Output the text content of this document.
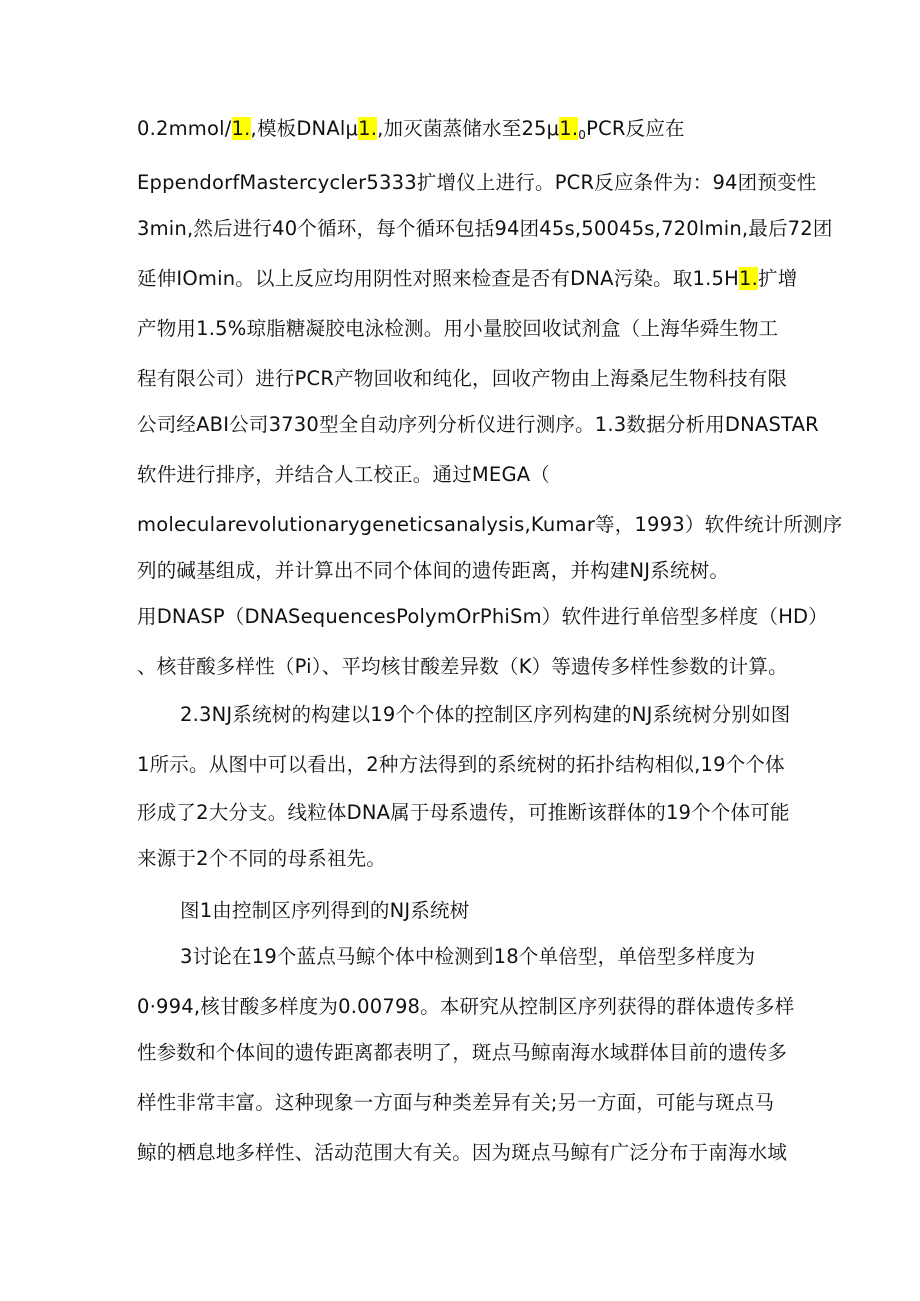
0.2mmol/1.,模板DNAlμ1.,加灭菌蒸储水至$25\mu 1._0PCR$反应在
EppendorfMastercycler5333扩增仪上进行。PCR反应条件为：94团预变性
3min,然后进行40个循环，每个循环包括94团45s,50045s,720lmin,最后72团
延伸IOmin。以上反应均用阴性对照来检查是否有DNA污染。取1.5H1.扩增
产物用1.5%琼脂糖凝胶电泳检测。用小量胶回收试剂盒（上海华舜生物工
程有限公司）进行PCR产物回收和纯化，回收产物由上海桑尼生物科技有限
公司经ABI公司3730型全自动序列分析仪进行测序。1.3数据分析用DNASTAR
软件进行排序，并结合人工校正。通过MEGA（
molecularevolutionarygeneticsanalysis,Kumar等，1993）软件统计所测序
列的碱基组成，并计算出不同个体间的遗传距离，并构建NJ系统树。
用DNASP（DNASequencesPolymOrPhiSm）软件进行单倍型多样度（HD）
、核苷酸多样性（Pi）、平均核甘酸差异数（K）等遗传多样性参数的计算。
2.3NJ系统树的构建以19个个体的控制区序列构建的NJ系统树分别如图
1所示。从图中可以看出，2种方法得到的系统树的拓扑结构相似,19个个体
形成了2大分支。线粒体DNA属于母系遗传，可推断该群体的19个个体可能
来源于2个不同的母系祖先。
图1由控制区序列得到的NJ系统树
3讨论在19个蓝点马鲸个体中检测到18个单倍型，单倍型多样度为
0·994,核甘酸多样度为0.00798。本研究从控制区序列获得的群体遗传多样
性参数和个体间的遗传距离都表明了，斑点马鲸南海水域群体目前的遗传多
样性非常丰富。这种现象一方面与种类差异有关;另一方面，可能与斑点马
鲸的栖息地多样性、活动范围大有关。因为斑点马鲸有广泛分布于南海水域
